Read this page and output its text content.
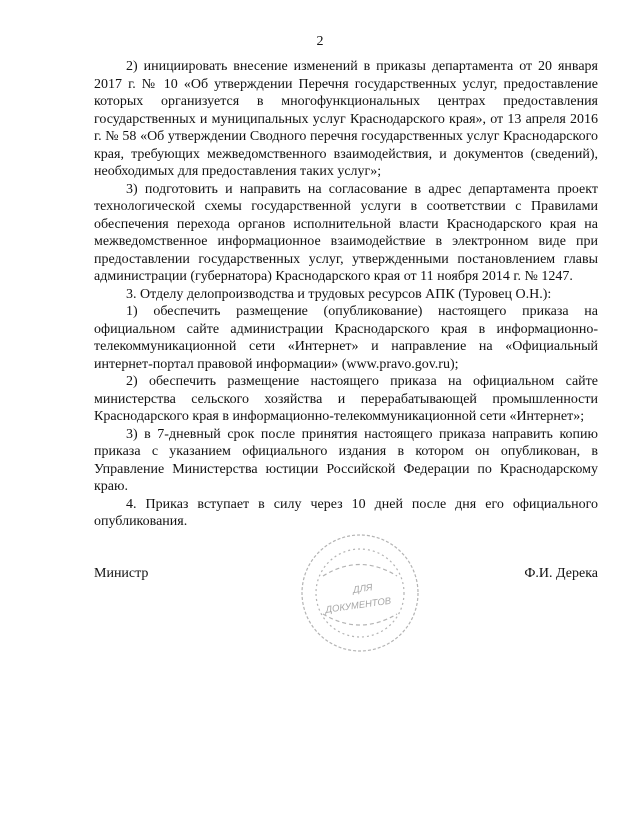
2

2) инициировать внесение изменений в приказы департамента от 20 января 2017 г. № 10 «Об утверждении Перечня государственных услуг, предоставление которых организуется в многофункциональных центрах предоставления государственных и муниципальных услуг Краснодарского края», от 13 апреля 2016 г. № 58 «Об утверждении Сводного перечня государственных услуг Краснодарского края, требующих межведомственного взаимодействия, и документов (сведений), необходимых для предоставления таких услуг»;

3) подготовить и направить на согласование в адрес департамента проект технологической схемы государственной услуги в соответствии с Правилами обеспечения перехода органов исполнительной власти Краснодарского края на межведомственное информационное взаимодействие в электронном виде при предоставлении государственных услуг, утвержденными постановлением главы администрации (губернатора) Краснодарского края от 11 ноября 2014 г. № 1247.

3. Отделу делопроизводства и трудовых ресурсов АПК (Туровец О.Н.):

1) обеспечить размещение (опубликование) настоящего приказа на официальном сайте администрации Краснодарского края в информационно-телекоммуникационной сети «Интернет» и направление на «Официальный интернет-портал правовой информации» (www.pravo.gov.ru);

2) обеспечить размещение настоящего приказа на официальном сайте министерства сельского хозяйства и перерабатывающей промышленности Краснодарского края в информационно-телекоммуникационной сети «Интернет»;

3) в 7-дневный срок после принятия настоящего приказа направить копию приказа с указанием официального издания в котором он опубликован, в Управление Министерства юстиции Российской Федерации по Краснодарскому краю.

4. Приказ вступает в силу через 10 дней после дня его официального опубликования.

Министр	Ф.И. Дерека
ДЛЯ
ДОКУМЕНТОВ
